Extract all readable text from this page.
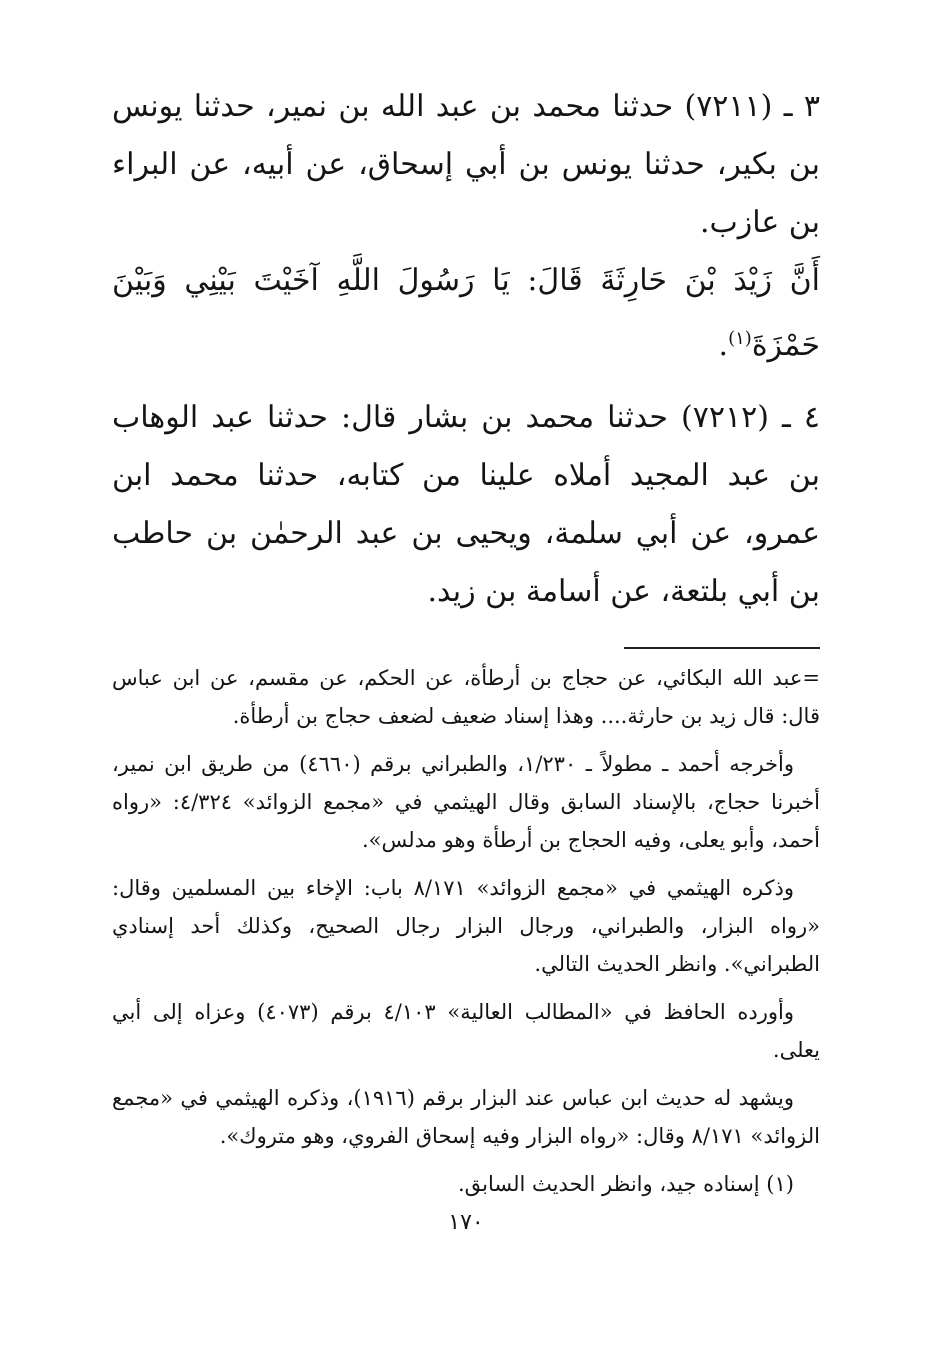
٣ ـ (٧٢١١) حدثنا محمد بن عبد الله بن نمير، حدثنا يونس بن بكير، حدثنا يونس بن أبي إسحاق، عن أبيه، عن البراء بن عازب.

أَنَّ زَيْدَ بْنَ حَارِثَةَ قَالَ: يَا رَسُولَ اللَّهِ آخَيْتَ بَيْنِي وَبَيْنَ حَمْزَةَ$^{(١)}$.

٤ ـ (٧٢١٢) حدثنا محمد بن بشار قال: حدثنا عبد الوهاب بن عبد المجيد أملاه علينا من كتابه، حدثنا محمد ابن عمرو، عن أبي سلمة، ويحيى بن عبد الرحمٰن بن حاطب بن أبي بلتعة، عن أسامة بن زيد.

=عبد الله البكائي، عن حجاج بن أرطأة، عن الحكم، عن مقسم، عن ابن عباس قال: قال زيد بن حارثة.... وهذا إسناد ضعيف لضعف حجاج بن أرطأة.

وأخرجه أحمد ـ مطولاً ـ ١/٢٣٠، والطبراني برقم (٤٦٦٠) من طريق ابن نمير، أخبرنا حجاج، بالإسناد السابق وقال الهيثمي في «مجمع الزوائد» ٤/٣٢٤: «رواه أحمد، وأبو يعلى، وفيه الحجاج بن أرطأة وهو مدلس».

وذكره الهيثمي في «مجمع الزوائد» ٨/١٧١ باب: الإخاء بين المسلمين وقال: «رواه البزار، والطبراني، ورجال البزار رجال الصحيح، وكذلك أحد إسنادي الطبراني». وانظر الحديث التالي.

وأورده الحافظ في «المطالب العالية» ٤/١٠٣ برقم (٤٠٧٣) وعزاه إلى أبي يعلى.

ويشهد له حديث ابن عباس عند البزار برقم (١٩١٦)، وذكره الهيثمي في «مجمع الزوائد» ٨/١٧١ وقال: «رواه البزار وفيه إسحاق الفروي، وهو متروك».

(١) إسناده جيد، وانظر الحديث السابق.

١٧٠
